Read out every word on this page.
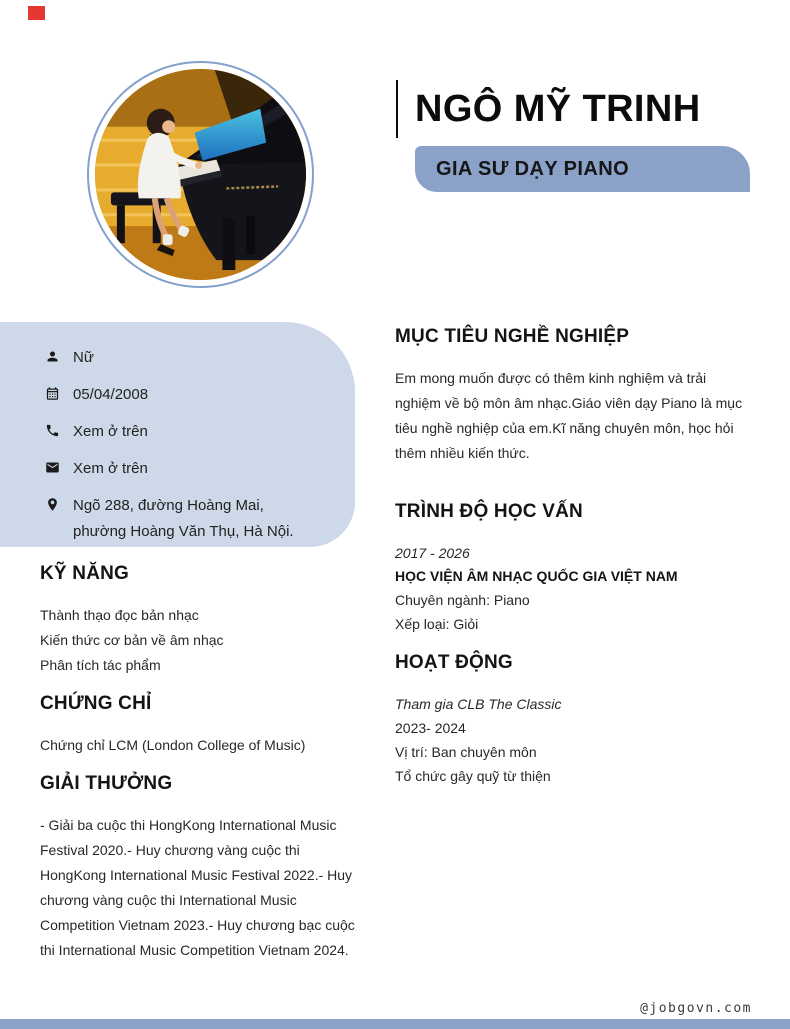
NGÔ MỸ TRINH
GIA SƯ DẠY PIANO
Nữ
05/04/2008
Xem ở trên
Xem ở trên
Ngõ 288, đường Hoàng Mai, phường Hoàng Văn Thụ, Hà Nội.
KỸ NĂNG
Thành thạo đọc bản nhạc
Kiến thức cơ bản về âm nhạc
Phân tích tác phẩm
CHỨNG CHỈ
Chứng chỉ LCM (London College of Music)
GIẢI THƯỞNG
- Giải ba cuộc thi HongKong International Music Festival 2020.- Huy chương vàng cuộc thi HongKong International Music Festival 2022.- Huy chương vàng cuộc thi International Music Competition Vietnam 2023.- Huy chương bạc cuộc thi International Music Competition Vietnam 2024.
MỤC TIÊU NGHỀ NGHIỆP
Em mong muốn được có thêm kinh nghiệm và trải nghiệm về bộ môn âm nhạc.Giáo viên dạy Piano là mục tiêu nghề nghiệp của em.Kĩ năng chuyên môn, học hỏi thêm nhiều kiến thức.
TRÌNH ĐỘ HỌC VẤN
2017 - 2026
HỌC VIỆN ÂM NHẠC QUỐC GIA VIỆT NAM
Chuyên ngành: Piano
Xếp loại: Giỏi
HOẠT ĐỘNG
Tham gia CLB The Classic
2023- 2024
Vị trí: Ban chuyên môn
Tổ chức gây quỹ từ thiện
@jobgovn.com
